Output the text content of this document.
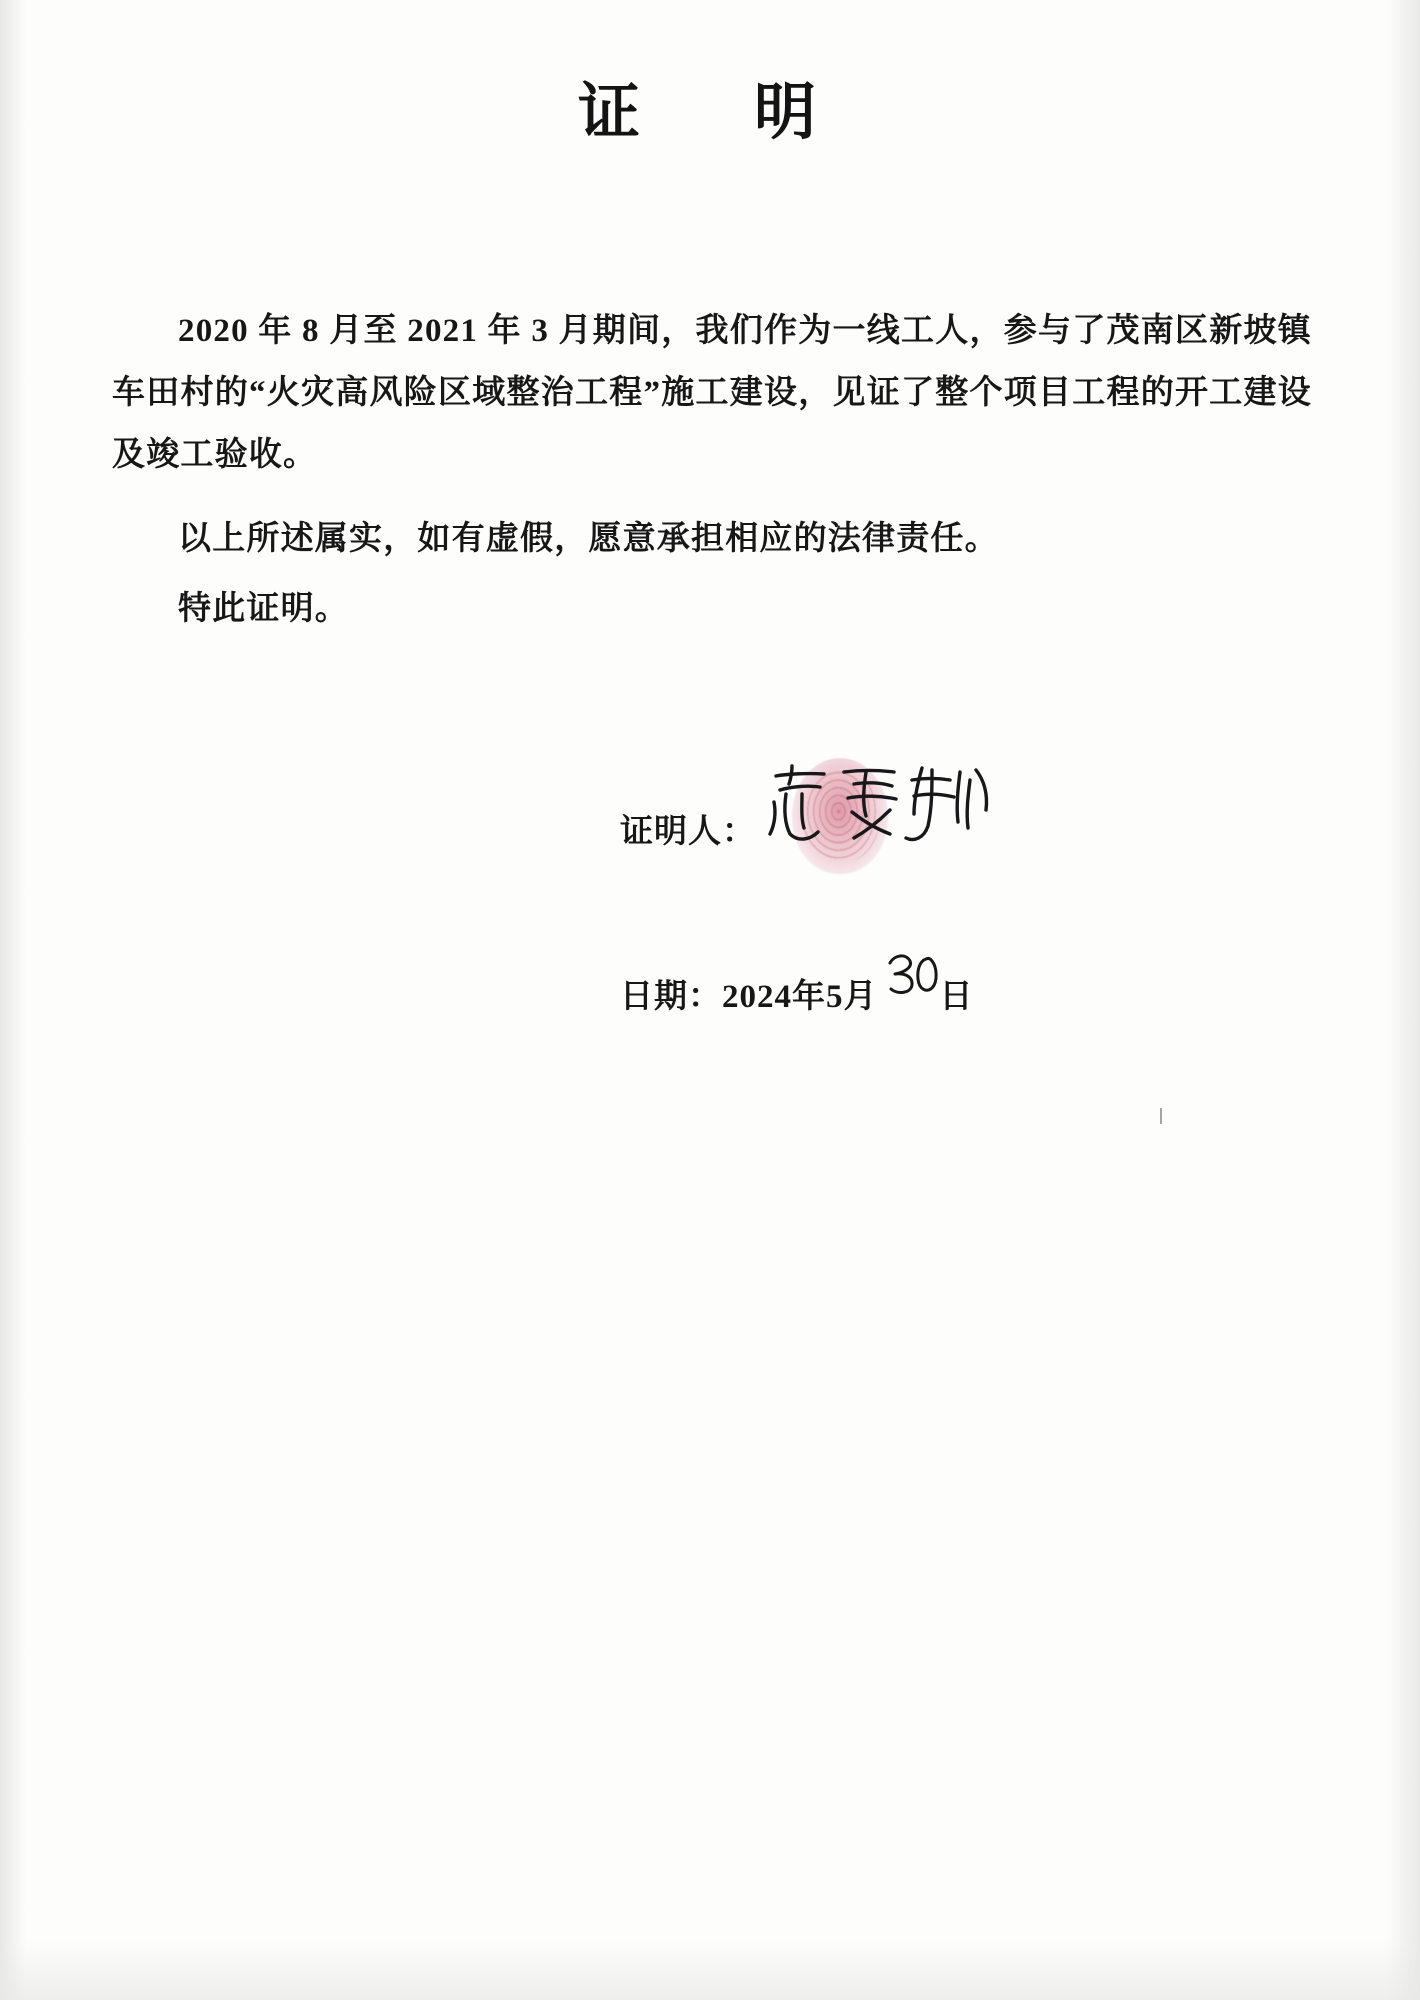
证　明

2020 年 8 月至 2021 年 3 月期间，我们作为一线工人，参与了茂南区新坡镇车田村的“火灾高风险区域整治工程”施工建设，见证了整个项目工程的开工建设及竣工验收。

以上所述属实，如有虚假，愿意承担相应的法律责任。

特此证明。

证明人：
日期： 2024 年 5 月 日
